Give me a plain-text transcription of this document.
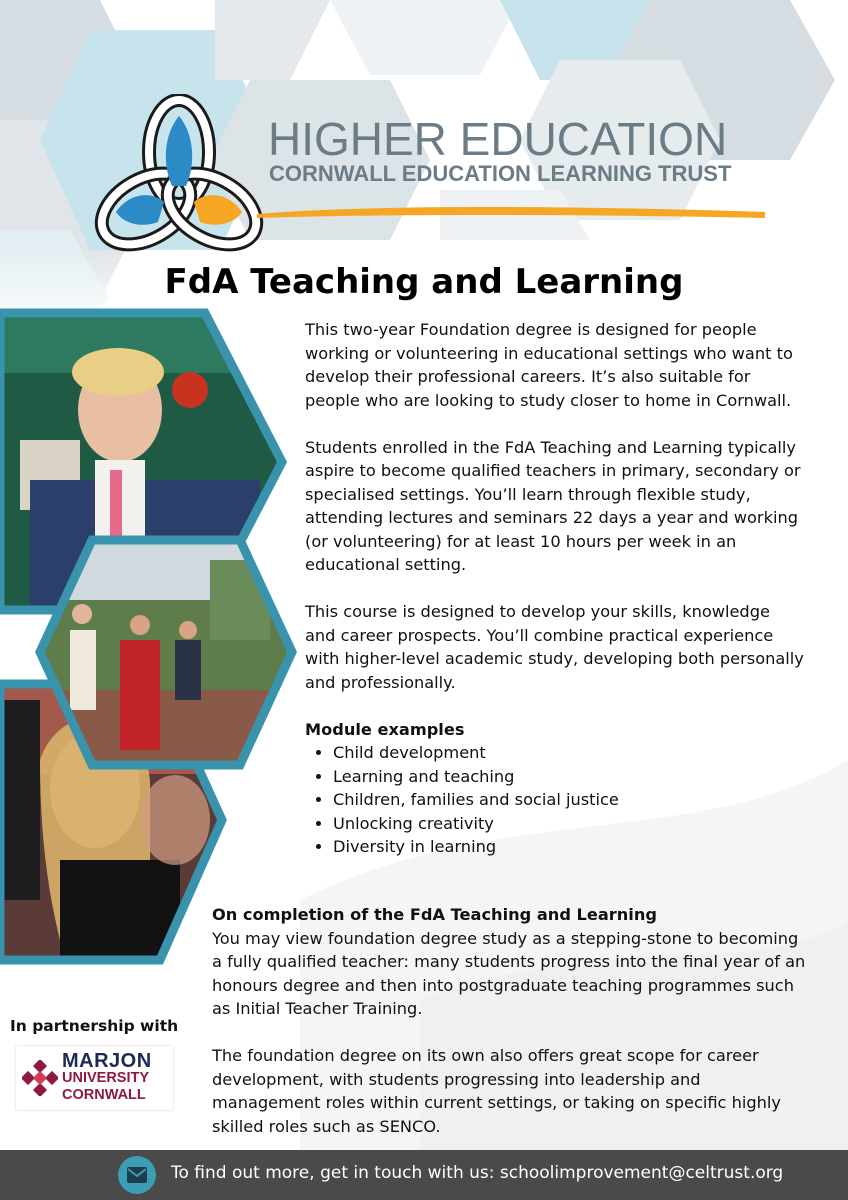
HIGHER EDUCATION
CORNWALL EDUCATION LEARNING TRUST
FdA Teaching and Learning

This two-year Foundation degree is designed for people working or volunteering in educational settings who want to develop their professional careers. It’s also suitable for people who are looking to study closer to home in Cornwall.

Students enrolled in the FdA Teaching and Learning typically aspire to become qualified teachers in primary, secondary or specialised settings. You’ll learn through flexible study, attending lectures and seminars 22 days a year and working (or volunteering) for at least 10 hours per week in an educational setting.

This course is designed to develop your skills, knowledge and career prospects. You’ll combine practical experience with higher-level academic study, developing both personally and professionally.

Module examples

• Child development
• Learning and teaching
• Children, families and social justice
• Unlocking creativity
• Diversity in learning

On completion of the FdA Teaching and Learning

You may view foundation degree study as a stepping-stone to becoming a fully qualified teacher: many students progress into the final year of an honours degree and then into postgraduate teaching programmes such as Initial Teacher Training.

The foundation degree on its own also offers great scope for career development, with students progressing into leadership and management roles within current settings, or taking on specific highly skilled roles such as SENCO.

In partnership with
MARJON
UNIVERSITY
CORNWALL
To find out more, get in touch with us: schoolimprovement@celtrust.org
